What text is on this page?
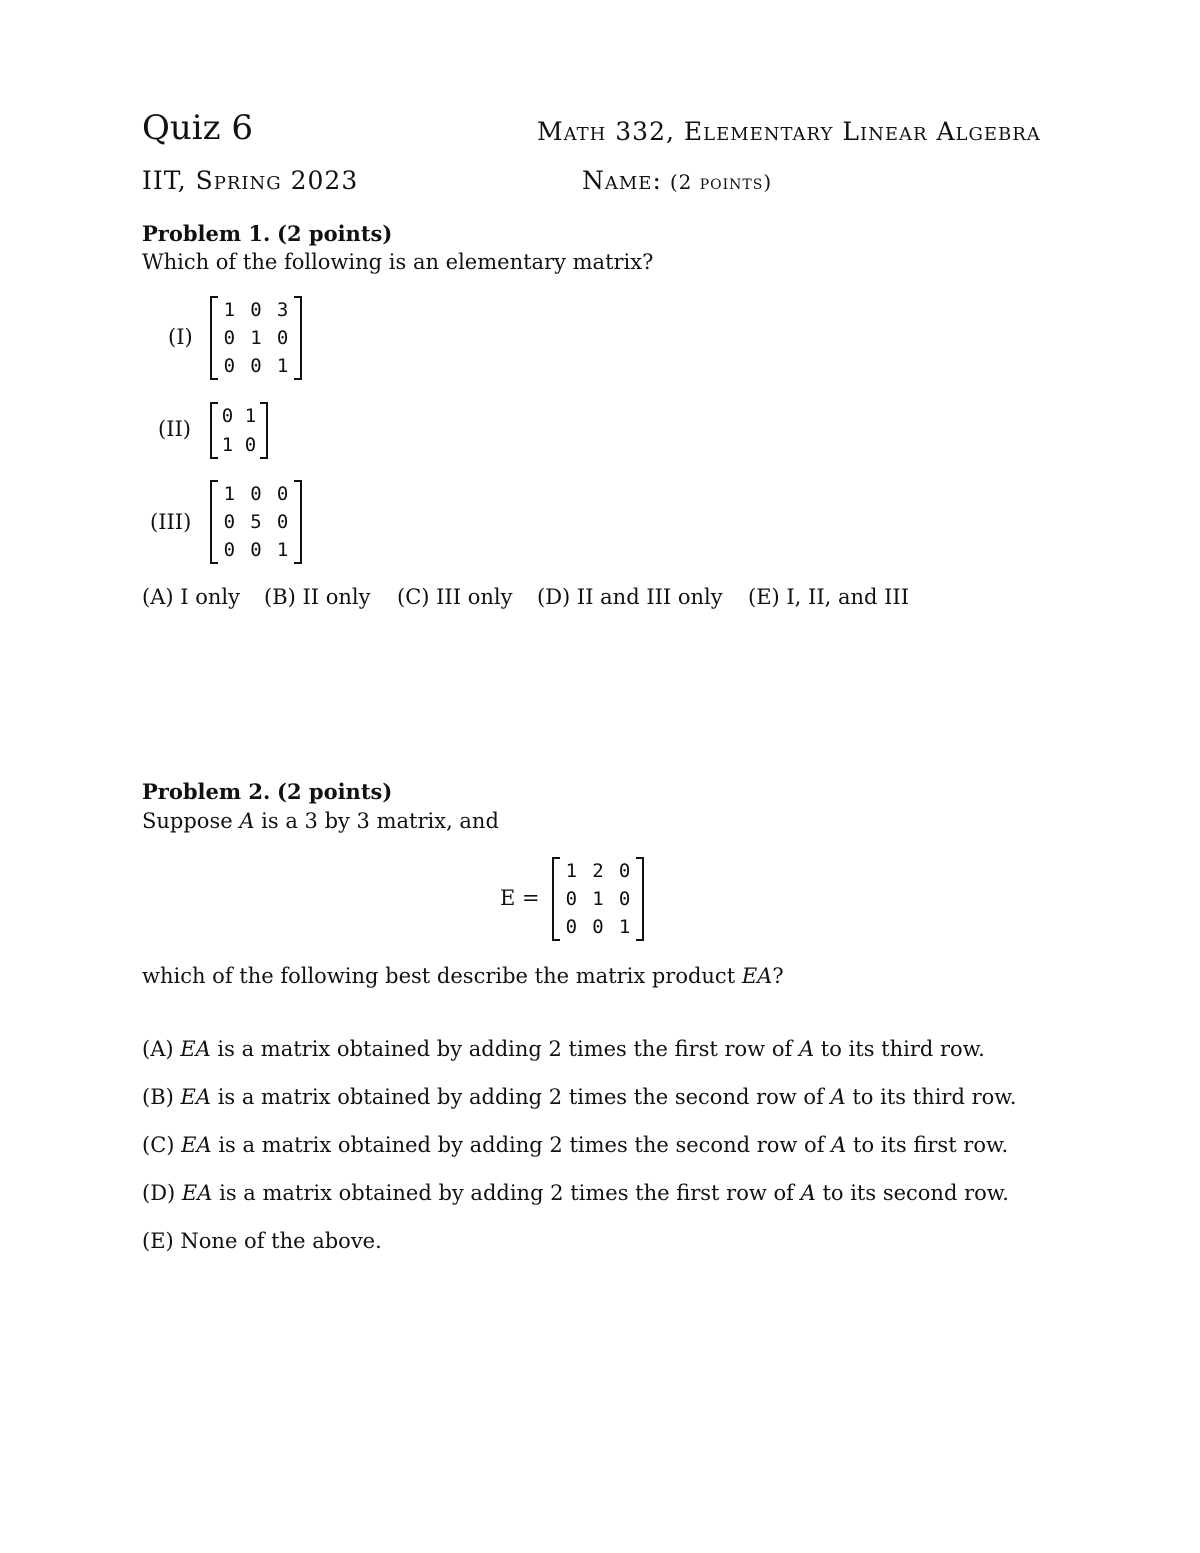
Quiz 6	Math 332, Elementary Linear Algebra
IIT, Spring 2023	Name: (2 points)
Problem 1. (2 points)
Which of the following is an elementary matrix?
(I)
1 0 3
0 1 0
0 0 1
(II)
0 1
1 0
(III)
1 0 0
0 5 0
0 0 1
(A) I only (B) II only (C) III only (D) II and III only (E) I, II, and III
Problem 2. (2 points)
Suppose A is a 3 by 3 matrix, and
E =
1 2 0
0 1 0
0 0 1
which of the following best describe the matrix product EA?
(A) EA is a matrix obtained by adding 2 times the first row of A to its third row.
(B) EA is a matrix obtained by adding 2 times the second row of A to its third row.
(C) EA is a matrix obtained by adding 2 times the second row of A to its first row.
(D) EA is a matrix obtained by adding 2 times the first row of A to its second row.
(E) None of the above.
